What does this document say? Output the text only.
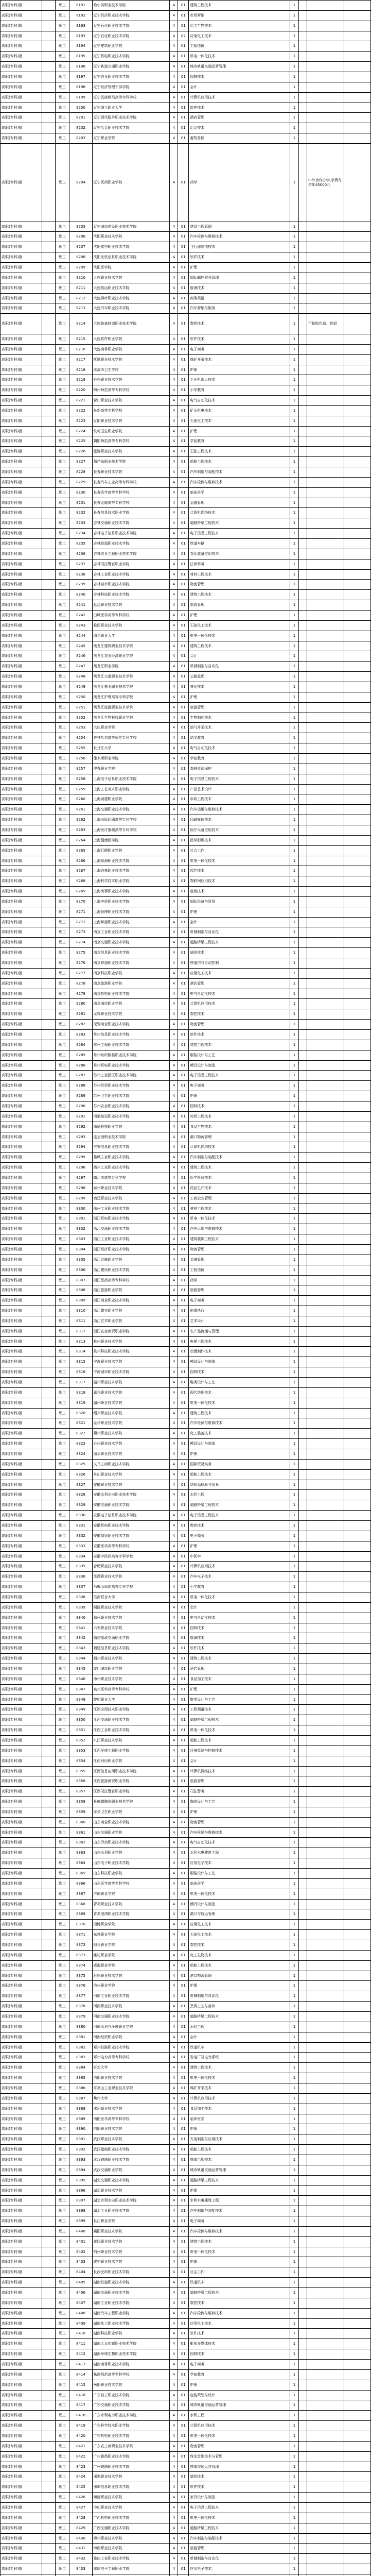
高职(专科)批		理工	8191	哈尔滨职业技术学院	4	01	建筑工程技术	1			
高职(专科)批		理工	8192	辽宁经济职业技术学院	4	01	市场营销	1			
高职(专科)批		理工	8193	辽宁石化职业技术学院	4	01	化工生物技术	1			
高职(专科)批		理工	8193	辽宁石化职业技术学院	4	02	应用化工技术	1			
高职(专科)批		理工	8194	辽宁建筑职业学院	4	01	工程造价	1			
高职(专科)批		理工	8195	辽宁机电职业技术学院	4	01	机电一体化技术	1			
高职(专科)批		理工	8196	辽宁轨道交通职业学院	4	01	城市轨道交通运营管理	1			
高职(专科)批		理工	8197	辽宁农业职业技术学院	4	01	园林技术	1			
高职(专科)批		理工	8198	辽宁经济管理干部学院	4	01	会计	1			
高职(专科)批		理工	8199	辽宁民族师范高等专科学校	4	01	计算机应用技术	1			
高职(专科)批		理工	8200	辽宁理工职业大学	4	01	软件技术	1			
高职(专科)批		理工	8201	辽宁现代服务职业技术学院	4	01	酒店管理	1			
高职(专科)批		理工	8202	辽宁冶金职业技术学院	4	01	冶金技术	1			
高职(专科)批		理工	8203	辽宁职业学院	4	01	畜牧兽医	1			
高职(专科)批		理工	8204	辽宁医药职业学院	4	01	药学	1		中外合作办学,学费每学年45000元	
高职(专科)批		理工	8205	辽宁城市建设职业技术学院	4	01	建设工程管理	1			
高职(专科)批		理工	8206	沈阳职业技术学院	4	01	汽车检测与维修技术	1			
高职(专科)批		理工	8207	沈阳航空职业技术学院	4	01	飞行器制造技术	1			
高职(专科)批		理工	8208	沈阳北软信息职业技术学院	4	01	软件技术	1			
高职(专科)批		理工	8209	沈阳医学院	4	01	护理	1			
高职(专科)批		理工	8210	大连职业技术学院	4	01	国际邮轮乘务管理	1			
高职(专科)批		理工	8211	大连航运职业技术学院	4	01	航海技术	1			
高职(专科)批		理工	8212	大连枫叶职业技术学院	4	01	商务英语	1			
高职(专科)批		理工	8213	大连汽车职业技术学院	4	01	汽车营销与服务	1			
高职(专科)批		理工	8214	大连装备制造职业技术学院	4	01	数控技术	1		不招收色盲、色弱	
高职(专科)批		理工	8215	大连软件职业学院	4	01	软件技术	1			
高职(专科)批		理工	8216	大连商务职业学院	4	01	电子商务	1			
高职(专科)批		理工	8217	抚顺职业技术学院	4	01	煤矿开采技术	1			
高职(专科)批		理工	8218	本溪市卫生学校	4	01	护理	1			
高职(专科)批		理工	8219	丹东职业技术学院	4	01	工业机器人技术	1			
高职(专科)批		理工	8220	锦州师范高等专科学校	4	01	小学教育	1			
高职(专科)批		理工	8221	营口职业技术学院	4	01	电气自动化技术	1			
高职(专科)批		理工	8222	阜新高等专科学校	4	01	矿山机电技术	1			
高职(专科)批		理工	8223	辽阳职业技术学院	4	01	石油化工技术	1			
高职(专科)批		理工	8224	铁岭卫生职业学院	4	01	护理	1			
高职(专科)批		理工	8225	朝阳师范高等专科学校	4	01	学前教育	1			
高职(专科)批		理工	8226	盘锦职业技术学院	4	01	石油工程技术	1			
高职(专科)批		理工	8227	葫芦岛职业技术学院	4	01	船舶工程技术	1			
高职(专科)批		理工	8228	长春职业技术学院	4	01	汽车制造与装配技术	1			
高职(专科)批		理工	8229	长春汽车工业高等专科学校	4	01	汽车检测与维修技术	1			
高职(专科)批		理工	8230	长春医学高等专科学校	4	01	临床医学	1			
高职(专科)批		理工	8231	长春金融高等专科学校	4	01	金融管理	1			
高职(专科)批		理工	8232	长春信息技术职业学院	4	01	计算机网络技术	1			
高职(专科)批		理工	8233	吉林交通职业技术学院	4	01	道路桥梁工程技术	1			
高职(专科)批		理工	8234	吉林电子信息职业技术学院	4	01	电子信息工程技术	1			
高职(专科)批		理工	8235	吉林铁道职业技术学院	4	01	铁道车辆	1			
高职(专科)批		理工	8236	吉林农业工程职业技术学院	4	01	农业装备应用技术	1			
高职(专科)批		理工	8237	吉林司法警官职业学院	4	01	法律事务	1			
高职(专科)批		理工	8238	吉林工业职业技术学院	4	01	材料工程技术	1			
高职(专科)批		理工	8239	吉林城市职业技术学院	4	01	物流管理	1			
高职(专科)批		理工	8240	吉林科技职业技术学院	4	01	建筑工程技术	1			
高职(专科)批		理工	8241	延边职业技术学院	4	01	旅游管理	1			
高职(专科)批		理工	8242	白城医学高等专科学校	4	01	护理	1			
高职(专科)批		理工	8243	松原职业技术学院	4	01	石油化工技术	1			
高职(专科)批		理工	8244	四平职业大学	4	01	机电一体化技术	1			
高职(专科)批		理工	8245	黑龙江建筑职业技术学院	4	01	建筑工程技术	1			
高职(专科)批		理工	8246	黑龙江农业经济职业学院	4	01	会计	1			
高职(专科)批		理工	8247	黑龙江职业学院	4	01	机械制造与自动化	1			
高职(专科)批		理工	8248	黑龙江交通职业技术学院	4	01	公路监理	1			
高职(专科)批		理工	8249	黑龙江林业职业技术学院	4	01	林业技术	1			
高职(专科)批		理工	8250	黑龙江护理高等专科学校	4	01	护理	1			
高职(专科)批		理工	8251	黑龙江旅游职业技术学院	4	01	旅游管理	1			
高职(专科)批		理工	8252	黑龙江生物科技职业学院	4	01	生物制药技术	1			
高职(专科)批		理工	8253	大庆职业学院	4	01	油气开采技术	1			
高职(专科)批		理工	8254	齐齐哈尔高等师范专科学校	4	01	语文教育	1			
高职(专科)批		理工	8255	牡丹江大学	4	01	电气自动化技术	1			
高职(专科)批		理工	8256	佳木斯职业学院	4	01	学前教育	1			
高职(专科)批		理工	8257	伊春职业学院	4	01	森林资源保护	1			
高职(专科)批		理工	8258	上海电子信息职业技术学院	4	01	电子信息工程技术	1			
高职(专科)批		理工	8259	上海工艺美术职业学院	4	01	产品艺术设计	1			
高职(专科)批		理工	8260	上海城建职业学院	4	01	市政工程技术	1			
高职(专科)批		理工	8261	上海交通职业技术学院	4	01	汽车运用与维修技术	1			
高职(专科)批		理工	8262	上海出版印刷高等专科学校	4	01	印刷媒体技术	1			
高职(专科)批		理工	8263	上海医疗器械高等专科学校	4	01	医疗设备应用技术	1			
高职(专科)批		理工	8264	上海健康医学院	4	01	医学影像技术	1			
高职(专科)批		理工	8265	上海行健职业学院	4	01	社会工作	1			
高职(专科)批		理工	8266	上海东海职业技术学院	4	01	机电一体化技术	1			
高职(专科)批		理工	8267	上海农林职业技术学院	4	01	园艺技术	1			
高职(专科)批		理工	8268	上海科学技术职业学院	4	01	物联网应用技术	1			
高职(专科)批		理工	8269	上海海事职业技术学院	4	01	航海技术	1			
高职(专科)批		理工	8270	上海中侨职业技术学院	4	01	国际经济与贸易	1			
高职(专科)批		理工	8271	上海思博职业技术学院	4	01	护理	1			
高职(专科)批		理工	8272	上海邦德职业技术学院	4	01	会计	1			
高职(专科)批		理工	8273	南京工业职业技术学院	4	01	机械制造与自动化	1			
高职(专科)批		理工	8274	南京交通职业技术学院	4	01	道路桥梁工程技术	1			
高职(专科)批		理工	8275	南京信息职业技术学院	4	01	通信技术	1			
高职(专科)批		理工	8276	南京铁道职业技术学院	4	01	铁道信号自动控制	1			
高职(专科)批		理工	8277	南京科技职业学院	4	01	应用化工技术	1			
高职(专科)批		理工	8278	南京旅游职业学院	4	01	酒店管理	1			
高职(专科)批		理工	8279	南京机电职业技术学院	4	01	电气自动化技术	1			
高职(专科)批		理工	8280	南京城市职业学院	4	01	计算机应用技术	1			
高职(专科)批		理工	8281	无锡职业技术学院	4	01	数控技术	1			
高职(专科)批		理工	8282	无锡商业职业技术学院	4	01	物流管理	1			
高职(专科)批		理工	8283	常州信息职业技术学院	4	01	软件技术	1			
高职(专科)批		理工	8284	常州工程职业技术学院	4	01	建筑工程技术	1			
高职(专科)批		理工	8285	常州纺织服装职业技术学院	4	01	服装设计与工艺	1			
高职(专科)批		理工	8286	常州机电职业技术学院	4	01	模具设计与制造	1			
高职(专科)批		理工	8287	苏州工业园区职业技术学院	4	01	电子信息工程技术	1			
高职(专科)批		理工	8288	苏州经贸职业技术学院	4	01	电子商务	1			
高职(专科)批		理工	8289	苏州卫生职业技术学院	4	01	护理	1			
高职(专科)批		理工	8290	苏州农业职业技术学院	4	01	园林技术	1			
高职(专科)批		理工	8291	南通航运职业技术学院	4	01	轮机工程技术	1			
高职(专科)批		理工	8292	南通科技职业学院	4	01	食品生物技术	1			
高职(专科)批		理工	8293	连云港职业技术学院	4	01	港口物流管理	1			
高职(专科)批		理工	8294	淮安信息职业技术学院	4	01	计算机网络技术	1			
高职(专科)批		理工	8295	盐城工业职业技术学院	4	01	汽车制造与装配技术	1			
高职(专科)批		理工	8296	扬州工业职业技术学院	4	01	建筑工程技术	1			
高职(专科)批		理工	8297	镇江市高等专科学校	4	01	医学检验技术	1			
高职(专科)批		理工	8298	泰州职业技术学院	4	01	药品生产技术	1			
高职(专科)批		理工	8299	宿迁职业技术学院	4	01	工商企业管理	1			
高职(专科)批		理工	8300	徐州工业职业技术学院	4	01	材料工程技术	1			
高职(专科)批		理工	8301	浙江机电职业技术学院	4	01	机电一体化技术	1			
高职(专科)批		理工	8302	浙江交通职业技术学院	4	01	汽车运用与维修技术	1			
高职(专科)批		理工	8303	浙江工业职业技术学院	4	01	建筑装饰工程技术	1			
高职(专科)批		理工	8304	浙江经济职业技术学院	4	01	物流管理	1			
高职(专科)批		理工	8305	浙江金融职业学院	4	01	金融管理	1			
高职(专科)批		理工	8306	浙江建设职业技术学院	4	01	工程造价	1			
高职(专科)批		理工	8307	浙江医药高等专科学校	4	01	药学	1			
高职(专科)批		理工	8308	浙江旅游职业学院	4	01	旅游管理	1			
高职(专科)批		理工	8309	浙江商业职业技术学院	4	01	电子商务	1			
高职(专科)批		理工	8310	浙江警官职业学院	4	01	刑事执行	1			
高职(专科)批		理工	8311	浙江艺术职业学院	4	01	艺术设计	1			
高职(专科)批		理工	8312	浙江农业商贸职业学院	4	01	农产品流通与管理	1			
高职(专科)批		理工	8313	杭州职业技术学院	4	01	电梯工程技术	1			
高职(专科)批		理工	8314	杭州科技职业技术学院	4	01	动漫制作技术	1			
高职(专科)批		理工	8315	宁波职业技术学院	4	01	模具设计与制造	1			
高职(专科)批		理工	8316	宁波城市职业技术学院	4	01	园林技术	1			
高职(专科)批		理工	8317	温州职业技术学院	4	01	鞋类设计与工艺	1			
高职(专科)批		理工	8318	嘉兴职业技术学院	4	01	现代纺织技术	1			
高职(专科)批		理工	8319	湖州职业技术学院	4	01	机电一体化技术	1			
高职(专科)批		理工	8320	绍兴职业技术学院	4	01	建筑工程技术	1			
高职(专科)批		理工	8321	金华职业技术学院	4	01	汽车检测与维修技术	1			
高职(专科)批		理工	8322	衢州职业技术学院	4	01	化工装备技术	1			
高职(专科)批		理工	8323	台州职业技术学院	4	01	模具设计与制造	1			
高职(专科)批		理工	8324	丽水职业技术学院	4	01	护理	1			
高职(专科)批		理工	8325	义乌工商职业技术学院	4	01	国际贸易实务	1			
高职(专科)批		理工	8326	舟山职业技术学院	4	01	船舶工程技术	1			
高职(专科)批		理工	8327	安徽职业技术学院	4	01	纺织品检验与贸易	1			
高职(专科)批		理工	8328	安徽水利水电职业技术学院	4	01	水利工程	1			
高职(专科)批		理工	8329	安徽交通职业技术学院	4	01	道路桥梁工程技术	1			
高职(专科)批		理工	8330	安徽电子信息职业技术学院	4	01	电子信息工程技术	1			
高职(专科)批		理工	8331	安徽机电职业技术学院	4	01	数控技术	1			
高职(专科)批		理工	8332	安徽商贸职业技术学院	4	01	电子商务	1			
高职(专科)批		理工	8333	安徽医学高等专科学校	4	01	护理	1			
高职(专科)批		理工	8334	安徽中医药高等专科学校	4	01	中医学	1			
高职(专科)批		理工	8335	合肥职业技术学院	4	01	计算机应用技术	1			
高职(专科)批		理工	8336	芜湖职业技术学院	4	01	汽车电子技术	1			
高职(专科)批		理工	8337	马鞍山师范高等专科学校	4	01	小学教育	1			
高职(专科)批		理工	8338	淮南联合大学	4	01	机电一体化技术	1			
高职(专科)批		理工	8339	铜陵职业技术学院	4	01	会计	1			
高职(专科)批		理工	8340	滁州职业技术学院	4	01	电气自动化技术	1			
高职(专科)批		理工	8341	六安职业技术学院	4	01	园林技术	1			
高职(专科)批		理工	8342	福建船政交通职业学院	4	01	航海技术	1			
高职(专科)批		理工	8343	福建信息职业技术学院	4	01	软件技术	1			
高职(专科)批		理工	8344	福州职业技术学院	4	01	建筑工程技术	1			
高职(专科)批		理工	8345	厦门城市职业学院	4	01	酒店管理	1			
高职(专科)批		理工	8346	漳州职业技术学院	4	01	食品加工技术	1			
高职(专科)批		理工	8347	泉州医学高等专科学校	4	01	护理	1			
高职(专科)批		理工	8348	黎明职业大学	4	01	鞋类设计与工艺	1			
高职(专科)批		理工	8349	江西应用技术职业学院	4	01	工程测量技术	1			
高职(专科)批		理工	8350	江西交通职业技术学院	4	01	道路桥梁工程技术	1			
高职(专科)批		理工	8351	江西工业职业技术学院	4	01	机电一体化技术	1			
高职(专科)批		理工	8352	九江职业技术学院	4	01	船舶工程技术	1			
高职(专科)批		理工	8353	江西环境工程职业学院	4	01	环境监测与控制技术	1			
高职(专科)批		理工	8354	江西财经职业学院	4	01	会计	1			
高职(专科)批		理工	8355	江西信息应用职业技术学院	4	01	计算机网络技术	1			
高职(专科)批		理工	8356	江西旅游商贸职业学院	4	01	旅游管理	1			
高职(专科)批		理工	8357	江西司法警官职业学院	4	01	司法警务	1			
高职(专科)批		理工	8358	景德镇陶瓷职业技术学院	4	01	陶瓷设计与工艺	1			
高职(专科)批		理工	8359	萍乡卫生职业学院	4	01	护理	1			
高职(专科)批		理工	8360	山东商业职业技术学院	4	01	物流管理	1			
高职(专科)批		理工	8361	山东交通职业学院	4	01	汽车检测与维修技术	1			
高职(专科)批		理工	8362	山东劳动职业技术学院	4	01	电气自动化技术	1			
高职(专科)批		理工	8363	山东水利职业学院	4	01	水利水电建筑工程	1			
高职(专科)批		理工	8364	山东电子职业技术学院	4	01	应用电子技术	1			
高职(专科)批		理工	8365	山东科技职业学院	4	01	服装设计与工艺	1			
高职(专科)批		理工	8366	山东医学高等专科学校	4	01	临床医学	1			
高职(专科)批		理工	8367	济南职业学院	4	01	机电一体化技术	1			
高职(专科)批		理工	8368	青岛职业技术学院	4	01	模具设计与制造	1			
高职(专科)批		理工	8369	青岛港湾职业技术学院	4	01	港口与航运管理	1			
高职(专科)批		理工	8370	淄博职业学院	4	01	应用化工技术	1			
高职(专科)批		理工	8371	东营职业学院	4	01	石油化工技术	1			
高职(专科)批		理工	8372	烟台职业学院	4	01	数控技术	1			
高职(专科)批		理工	8373	潍坊职业学院	4	01	化工生物技术	1			
高职(专科)批		理工	8374	威海职业学院	4	01	船舶工程技术	1			
高职(专科)批		理工	8375	日照职业技术学院	4	01	港口物流管理	1			
高职(专科)批		理工	8376	滨州职业学院	4	01	护理	1			
高职(专科)批		理工	8377	河南工业职业技术学院	4	01	机械制造与自动化	1			
高职(专科)批		理工	8378	河南职业技术学院	4	01	烹调工艺与营养	1			
高职(专科)批		理工	8379	河南交通职业技术学院	4	01	道路桥梁工程技术	1			
高职(专科)批		理工	8380	河南水利与环境职业学院	4	01	水利工程	1			
高职(专科)批		理工	8381	河南经贸职业学院	4	01	会计	1			
高职(专科)批		理工	8382	郑州铁路职业技术学院	4	01	铁道机车	1			
高职(专科)批		理工	8383	郑州电力高等专科学校	4	01	发电厂及电力系统	1			
高职(专科)批		理工	8384	开封大学	4	01	建筑工程技术	1			
高职(专科)批		理工	8385	洛阳职业技术学院	4	01	机电一体化技术	1			
高职(专科)批		理工	8386	平顶山工业职业技术学院	4	01	煤矿开采技术	1			
高职(专科)批		理工	8387	焦作大学	4	01	计算机应用技术	1			
高职(专科)批		理工	8388	漯河职业技术学院	4	01	食品加工技术	1			
高职(专科)批		理工	8389	南阳医学高等专科学校	4	01	临床医学	1			
高职(专科)批		理工	8390	信阳职业技术学院	4	01	护理	1			
高职(专科)批		理工	8391	武汉职业技术学院	4	01	光电制造与应用技术	1			
高职(专科)批		理工	8392	武汉船舶职业技术学院	4	01	船舶工程技术	1			
高职(专科)批		理工	8393	武汉铁路职业技术学院	4	01	铁道工程技术	1			
高职(专科)批		理工	8394	武汉交通职业学院	4	01	城市轨道交通运营管理	1			
高职(专科)批		理工	8395	湖北交通职业技术学院	4	01	道路桥梁工程技术	1			
高职(专科)批		理工	8396	湖北职业技术学院	4	01	护理	1			
高职(专科)批		理工	8397	湖北水利水电职业技术学院	4	01	水利水电建筑工程	1			
高职(专科)批		理工	8398	湖北工业职业技术学院	4	01	汽车制造与装配技术	1			
高职(专科)批		理工	8399	长江职业学院	4	01	电子商务	1			
高职(专科)批		理工	8400	襄阳职业技术学院	4	01	汽车检测与维修技术	1			
高职(专科)批		理工	8401	黄冈职业技术学院	4	01	建筑工程技术	1			
高职(专科)批		理工	8402	荆州职业技术学院	4	01	机电一体化技术	1			
高职(专科)批		理工	8403	咸宁职业技术学院	4	01	护理	1			
高职(专科)批		理工	8404	长沙民政职业技术学院	4	01	社会工作	1			
高职(专科)批		理工	8405	湖南铁道职业技术学院	4	01	铁道机车	1			
高职(专科)批		理工	8406	湖南交通职业技术学院	4	01	道路桥梁工程技术	1			
高职(专科)批		理工	8407	湖南工业职业技术学院	4	01	数控技术	1			
高职(专科)批		理工	8408	湖南汽车工程职业学院	4	01	汽车检测与维修技术	1			
高职(专科)批		理工	8409	湖南化工职业技术学院	4	01	应用化工技术	1			
高职(专科)批		理工	8410	湖南科技职业学院	4	01	软件技术	1			
高职(专科)批		理工	8411	湖南大众传媒职业技术学院	4	01	影视多媒体技术	1			
高职(专科)批		理工	8412	湖南环境生物职业技术学院	4	01	园林技术	1			
高职(专科)批		理工	8413	湖南商务职业技术学院	4	01	电子商务	1			
高职(专科)批		理工	8414	株洲师范高等专科学校	4	01	学前教育	1			
高职(专科)批		理工	8415	岳阳职业技术学院	4	01	护理	1			
高职(专科)批		理工	8416	广东轻工职业技术学院	4	01	包装策划与设计	1			
高职(专科)批		理工	8417	广东交通职业技术学院	4	01	城市轨道交通运营管理	1			
高职(专科)批		理工	8418	广东水利电力职业技术学院	4	01	水利工程	1			
高职(专科)批		理工	8419	广东科学技术职业学院	4	01	计算机应用技术	1			
高职(专科)批		理工	8420	广东机电职业技术学院	4	01	机电一体化技术	1			
高职(专科)批		理工	8421	广东农工商职业技术学院	4	01	物流管理	1			
高职(专科)批		理工	8422	广州番禺职业技术学院	4	01	珠宝首饰技术与管理	1			
高职(专科)批		理工	8423	广州铁路职业技术学院	4	01	铁道交通运营管理	1			
高职(专科)批		理工	8424	深圳职业技术学院	4	01	通信技术	1			
高职(专科)批		理工	8425	深圳信息职业技术学院	4	01	软件技术	1			
高职(专科)批		理工	8426	顺德职业技术学院	4	01	家具设计与制造	1			
高职(专科)批		理工	8427	中山职业技术学院	4	01	电子信息工程技术	1			
高职(专科)批		理工	8428	广西机电职业技术学院	4	01	机电一体化技术	1			
高职(专科)批		理工	8429	广西交通职业技术学院	4	01	道路桥梁工程技术	1			
高职(专科)批		理工	8430	柳州职业技术学院	4	01	汽车制造与装配技术	1			
高职(专科)批		理工	8431	海南职业技术学院	4	01	旅游管理	1			
高职(专科)批		理工	8432	重庆工业职业技术学院	4	01	机械制造与自动化	1			
高职(专科)批		理工	8433	重庆电子工程职业学院	4	01	应用电子技术	1			
